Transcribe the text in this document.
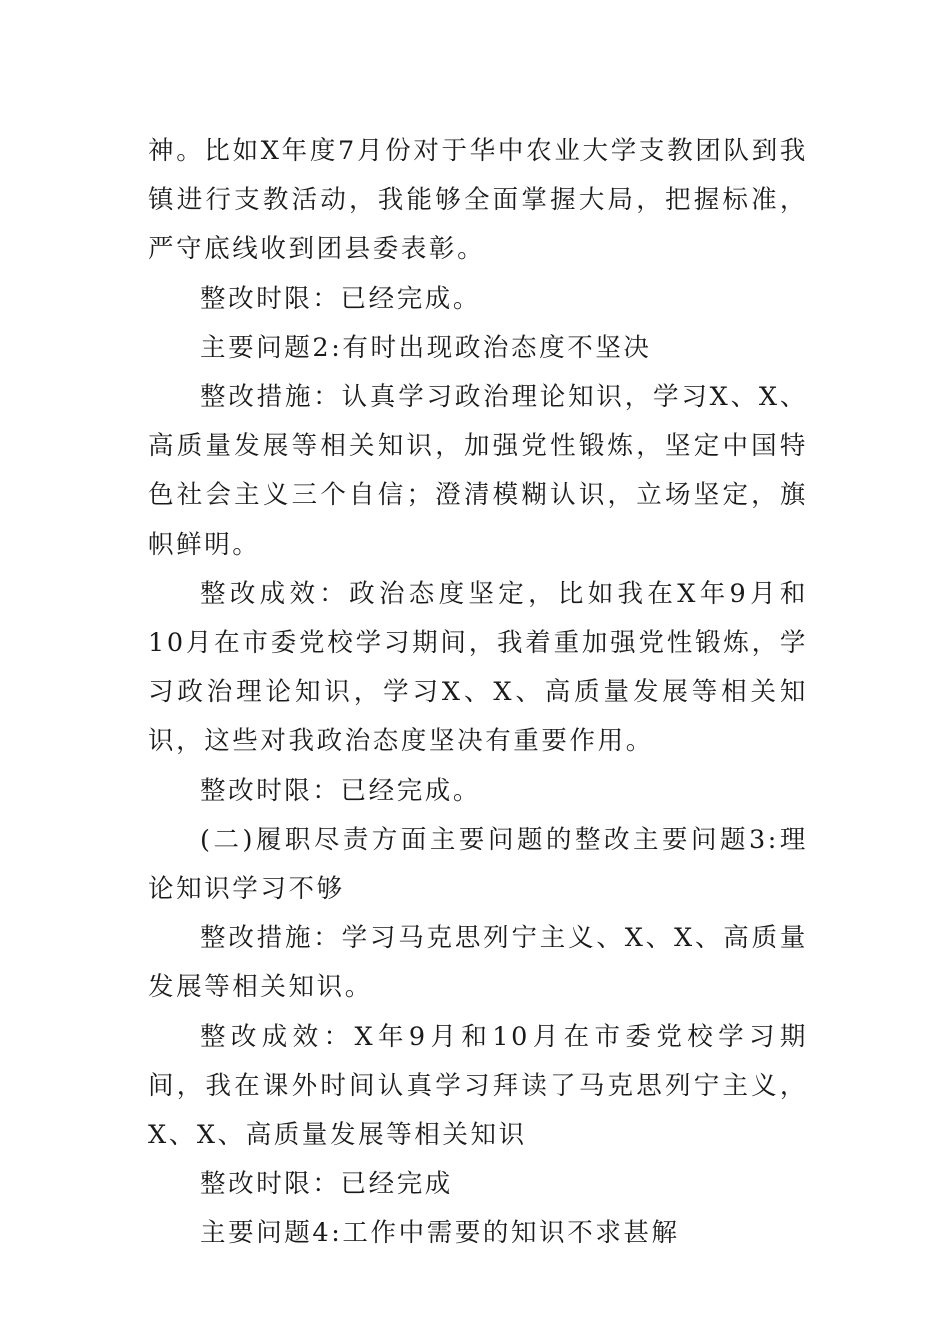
神。比如X年度7月份对于华中农业大学支教团队到我镇进行支教活动，我能够全面掌握大局，把握标准，严守底线收到团县委表彰。

整改时限：已经完成。

主要问题2:有时出现政治态度不坚决

整改措施：认真学习政治理论知识，学习X、X、高质量发展等相关知识，加强党性锻炼，坚定中国特色社会主义三个自信；澄清模糊认识，立场坚定，旗帜鲜明。

整改成效：政治态度坚定，比如我在X年9月和10月在市委党校学习期间，我着重加强党性锻炼，学习政治理论知识，学习X、X、高质量发展等相关知识，这些对我政治态度坚决有重要作用。

整改时限：已经完成。

(二)履职尽责方面主要问题的整改主要问题3:理论知识学习不够

整改措施：学习马克思列宁主义、X、X、高质量发展等相关知识。

整改成效：X年9月和10月在市委党校学习期间，我在课外时间认真学习拜读了马克思列宁主义，X、X、高质量发展等相关知识

整改时限：已经完成

主要问题4:工作中需要的知识不求甚解
